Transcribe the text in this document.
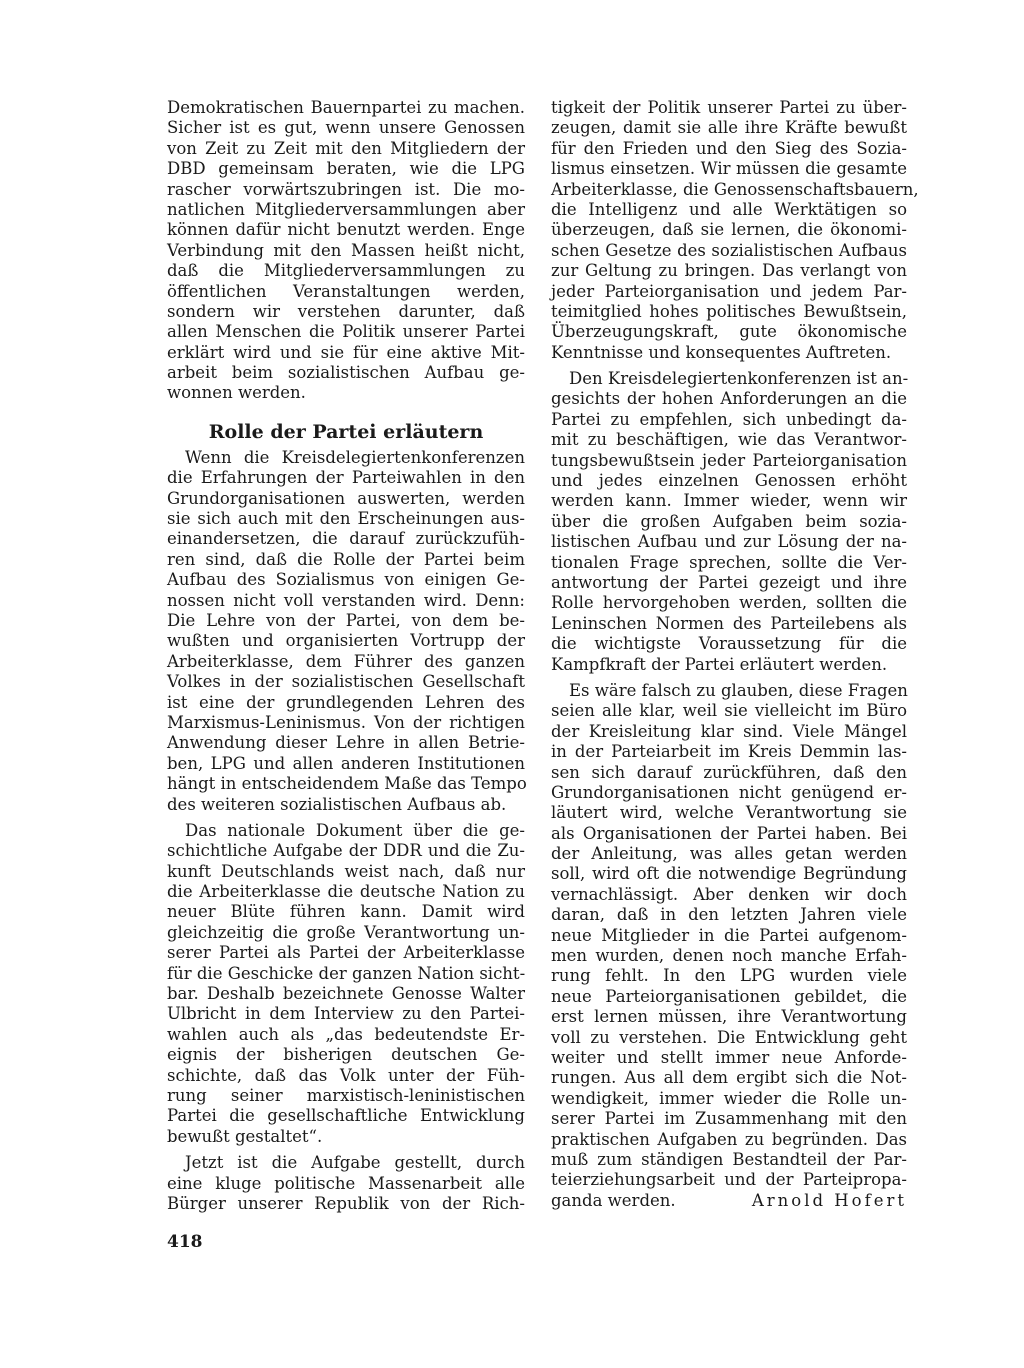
Demokratischen Bauernpartei zu machen.
Sicher ist es gut, wenn unsere Genossen
von Zeit zu Zeit mit den Mitgliedern der
DBD gemeinsam beraten, wie die LPG
rascher vorwärtszubringen ist. Die mo-
natlichen Mitgliederversammlungen aber
können dafür nicht benutzt werden. Enge
Verbindung mit den Massen heißt nicht,
daß die Mitgliederversammlungen zu
öffentlichen Veranstaltungen werden,
sondern wir verstehen darunter, daß
allen Menschen die Politik unserer Partei
erklärt wird und sie für eine aktive Mit-
arbeit beim sozialistischen Aufbau ge-
wonnen werden.
Rolle der Partei erläutern
Wenn die Kreisdelegiertenkonferenzen
die Erfahrungen der Parteiwahlen in den
Grundorganisationen auswerten, werden
sie sich auch mit den Erscheinungen aus-
einandersetzen, die darauf zurückzufüh-
ren sind, daß die Rolle der Partei beim
Aufbau des Sozialismus von einigen Ge-
nossen nicht voll verstanden wird. Denn:
Die Lehre von der Partei, von dem be-
wußten und organisierten Vortrupp der
Arbeiterklasse, dem Führer des ganzen
Volkes in der sozialistischen Gesellschaft
ist eine der grundlegenden Lehren des
Marxismus-Leninismus. Von der richtigen
Anwendung dieser Lehre in allen Betrie-
ben, LPG und allen anderen Institutionen
hängt in entscheidendem Maße das Tempo
des weiteren sozialistischen Aufbaus ab.
Das nationale Dokument über die ge-
schichtliche Aufgabe der DDR und die Zu-
kunft Deutschlands weist nach, daß nur
die Arbeiterklasse die deutsche Nation zu
neuer Blüte führen kann. Damit wird
gleichzeitig die große Verantwortung un-
serer Partei als Partei der Arbeiterklasse
für die Geschicke der ganzen Nation sicht-
bar. Deshalb bezeichnete Genosse Walter
Ulbricht in dem Interview zu den Partei-
wahlen auch als „das bedeutendste Er-
eignis der bisherigen deutschen Ge-
schichte, daß das Volk unter der Füh-
rung seiner marxistisch-leninistischen
Partei die gesellschaftliche Entwicklung
bewußt gestaltet“.
Jetzt ist die Aufgabe gestellt, durch
eine kluge politische Massenarbeit alle
Bürger unserer Republik von der Rich-
tigkeit der Politik unserer Partei zu über-
zeugen, damit sie alle ihre Kräfte bewußt
für den Frieden und den Sieg des Sozia-
lismus einsetzen. Wir müssen die gesamte
Arbeiterklasse, die Genossenschaftsbauern,
die Intelligenz und alle Werktätigen so
überzeugen, daß sie lernen, die ökonomi-
schen Gesetze des sozialistischen Aufbaus
zur Geltung zu bringen. Das verlangt von
jeder Parteiorganisation und jedem Par-
teimitglied hohes politisches Bewußtsein,
Überzeugungskraft, gute ökonomische
Kenntnisse und konsequentes Auftreten.
Den Kreisdelegiertenkonferenzen ist an-
gesichts der hohen Anforderungen an die
Partei zu empfehlen, sich unbedingt da-
mit zu beschäftigen, wie das Verantwor-
tungsbewußtsein jeder Parteiorganisation
und jedes einzelnen Genossen erhöht
werden kann. Immer wieder, wenn wir
über die großen Aufgaben beim sozia-
listischen Aufbau und zur Lösung der na-
tionalen Frage sprechen, sollte die Ver-
antwortung der Partei gezeigt und ihre
Rolle hervorgehoben werden, sollten die
Leninschen Normen des Parteilebens als
die wichtigste Voraussetzung für die
Kampfkraft der Partei erläutert werden.
Es wäre falsch zu glauben, diese Fragen
seien alle klar, weil sie vielleicht im Büro
der Kreisleitung klar sind. Viele Mängel
in der Parteiarbeit im Kreis Demmin las-
sen sich darauf zurückführen, daß den
Grundorganisationen nicht genügend er-
läutert wird, welche Verantwortung sie
als Organisationen der Partei haben. Bei
der Anleitung, was alles getan werden
soll, wird oft die notwendige Begründung
vernachlässigt. Aber denken wir doch
daran, daß in den letzten Jahren viele
neue Mitglieder in die Partei aufgenom-
men wurden, denen noch manche Erfah-
rung fehlt. In den LPG wurden viele
neue Parteiorganisationen gebildet, die
erst lernen müssen, ihre Verantwortung
voll zu verstehen. Die Entwicklung geht
weiter und stellt immer neue Anforde-
rungen. Aus all dem ergibt sich die Not-
wendigkeit, immer wieder die Rolle un-
serer Partei im Zusammenhang mit den
praktischen Aufgaben zu begründen. Das
muß zum ständigen Bestandteil der Par-
teierziehungsarbeit und der Parteipropa-
ganda werden.	Arnold Hofert
418
